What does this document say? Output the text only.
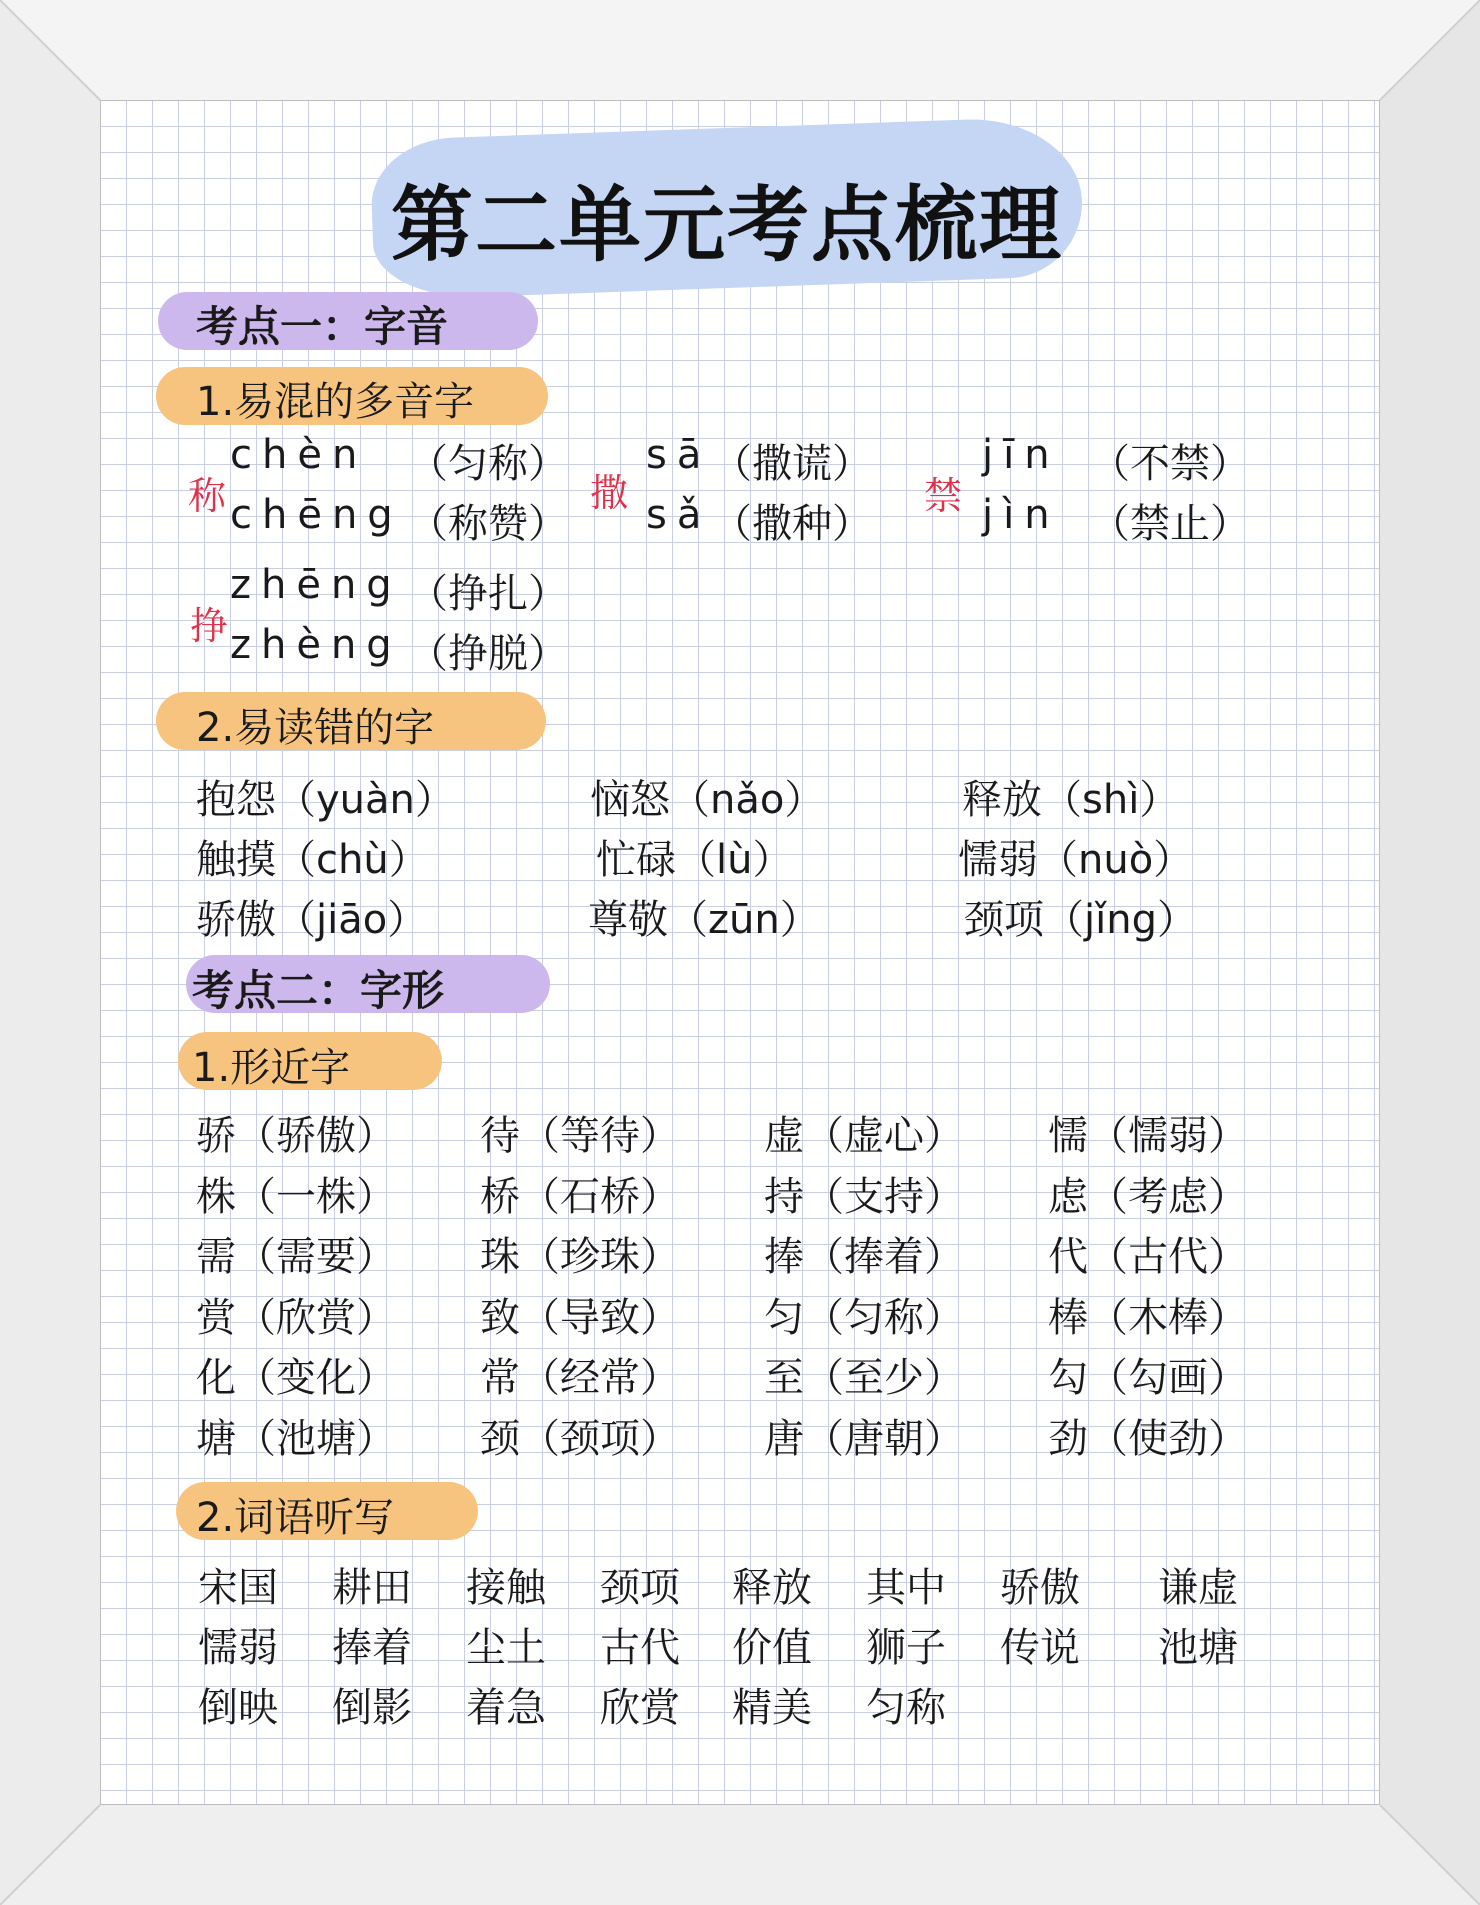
第二单元考点梳理
考点一：字音
1.易混的多音字
称
chèn （匀称）
chēng （称赞）
撒
sā （撒谎）
sǎ （撒种）
禁
jīn （不禁）
jìn （禁止）
挣
zhēng （挣扎）
zhèng （挣脱）
2.易读错的字
抱怨（yuàn）	恼怒（nǎo）	释放（shì）
触摸（chù）	忙碌（lù）	懦弱（nuò）
骄傲（jiāo）	尊敬（zūn）	颈项（jǐng）
考点二：字形
1.形近字
骄（骄傲） 待（等待） 虚（虚心） 懦（懦弱）
株（一株） 桥（石桥） 持（支持） 虑（考虑）
需（需要） 珠（珍珠） 捧（捧着） 代（古代）
赏（欣赏） 致（导致） 匀（匀称） 棒（木棒）
化（变化） 常（经常） 至（至少） 勾（勾画）
塘（池塘） 颈（颈项） 唐（唐朝） 劲（使劲）
2.词语听写
宋国 耕田 接触 颈项 释放 其中 骄傲 谦虚
懦弱 捧着 尘土 古代 价值 狮子 传说 池塘
倒映 倒影 着急 欣赏 精美 匀称
